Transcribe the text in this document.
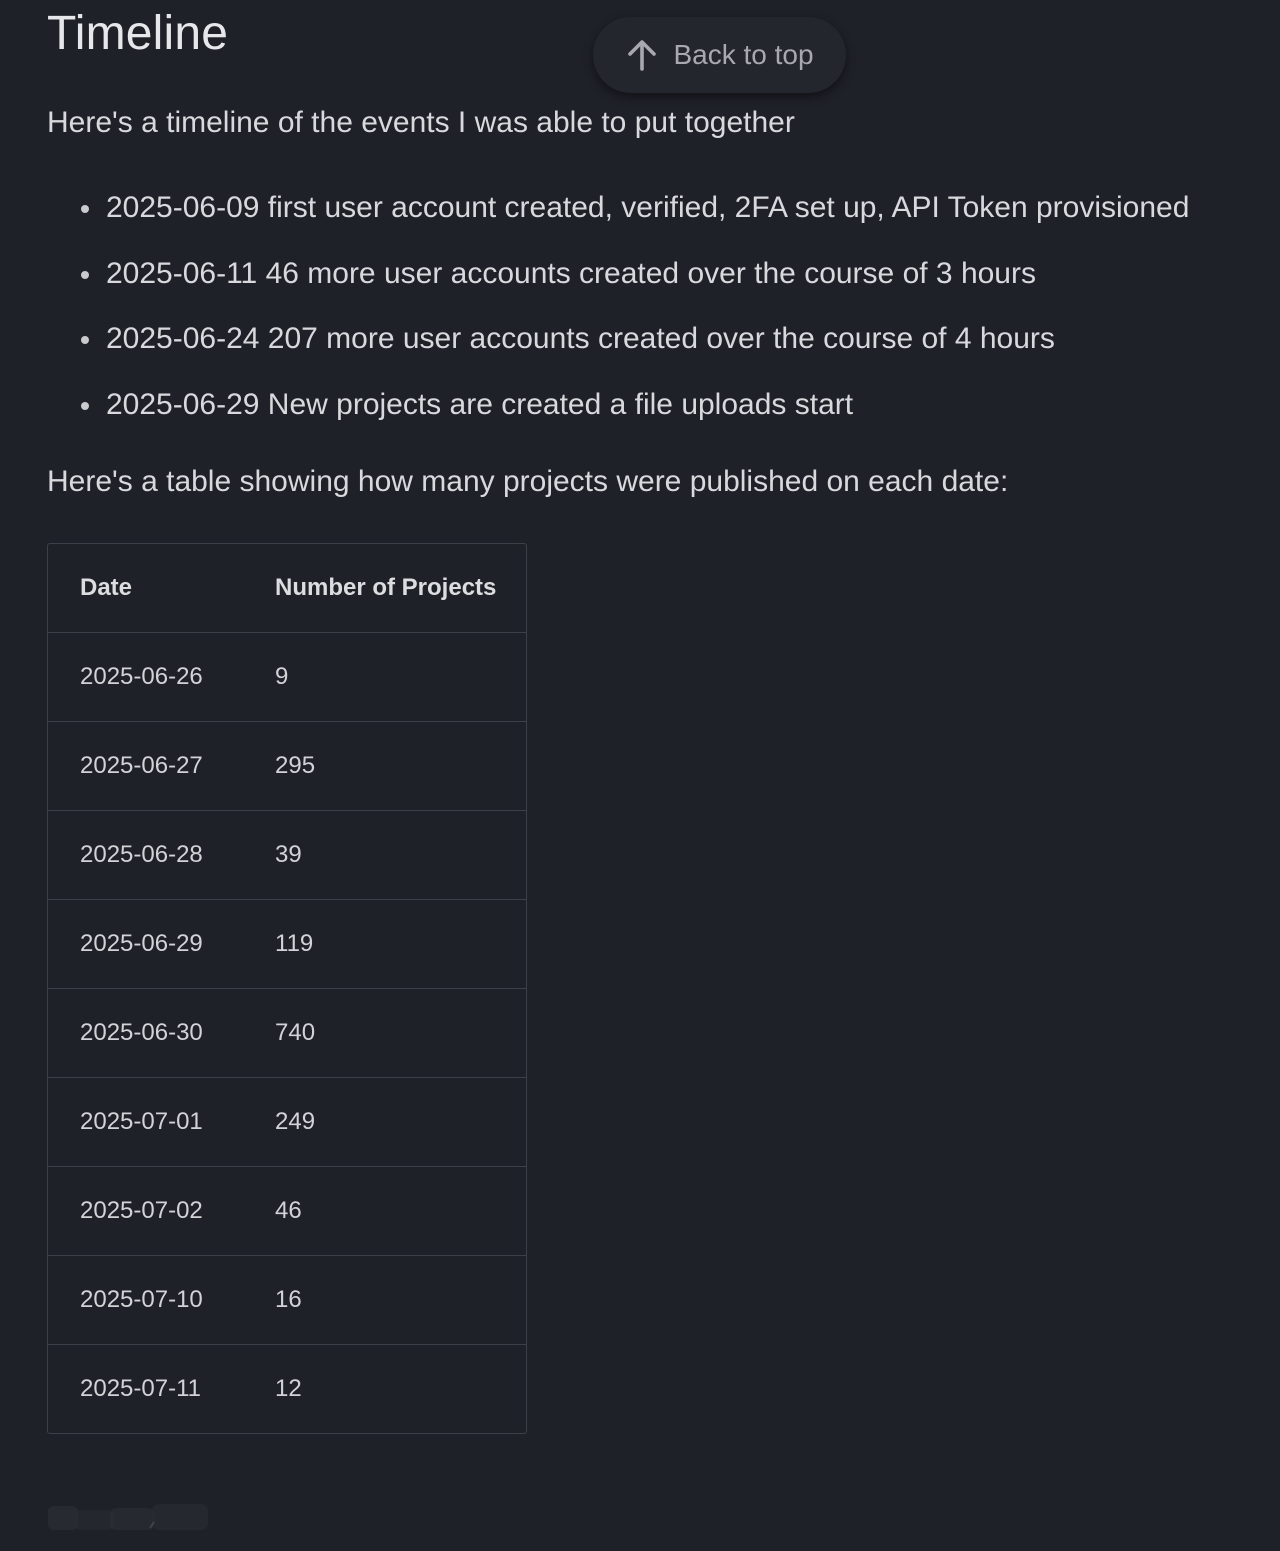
Timeline	Back to top

Here's a timeline of the events I was able to put together

2025-06-09 first user account created, verified, 2FA set up, API Token provisioned
2025-06-11 46 more user accounts created over the course of 3 hours
2025-06-24 207 more user accounts created over the course of 4 hours
2025-06-29 New projects are created a file uploads start

Here's a table showing how many projects were published on each date:

Date	Number of Projects
2025-06-26	9
2025-06-27	295
2025-06-28	39
2025-06-29	119
2025-06-30	740
2025-07-01	249
2025-07-02	46
2025-07-10	16
2025-07-11	12
